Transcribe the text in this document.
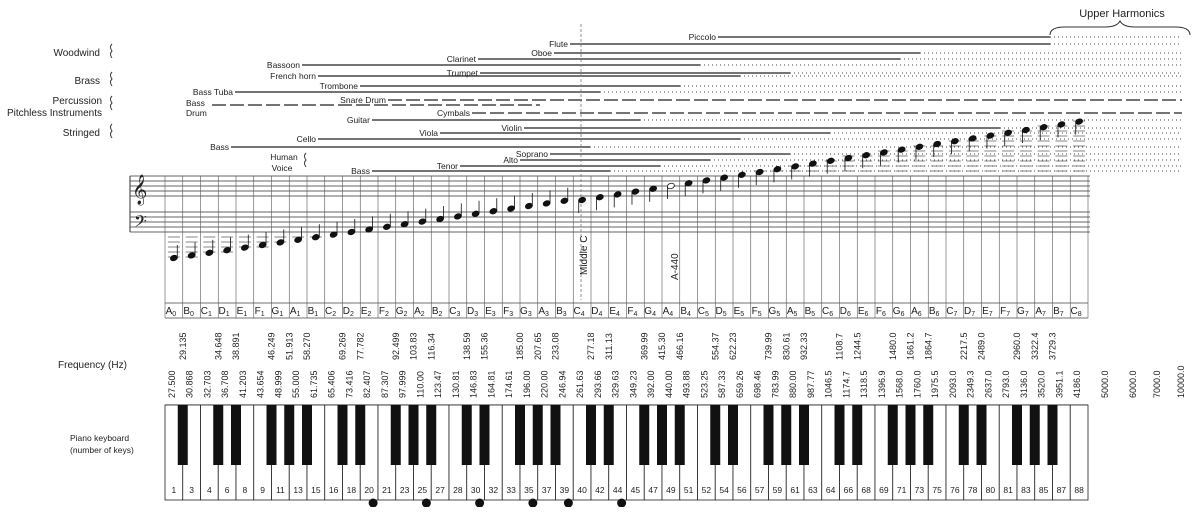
Woodwind
Brass
Percussion
Pitchless Instruments
Stringed
Upper Harmonics
Piccolo
Flute
Oboe
Clarinet
Bassoon
Trumpet
French horn
Trombone
Bass Tuba
Bass
Drum
Snare Drum
Cymbals
Guitar
Violin
Viola
Cello
Bass
Soprano
Alto
Tenor
Bass
Human
Voice
𝄞
𝄢
Middle C	A-440
$A_0$ $B_0$ $C_1$ $D_1$ $E_1$ $F_1$ $G_1$ $A_1$ $B_1$ $C_2$ $D_2$ $E_2$ $F_2$ $G_2$ $A_2$ $B_2$ $C_3$ $D_3$ $E_3$ $F_3$ $G_3$ $A_3$ $B_3$ $C_4$ $D_4$ $E_4$ $F_4$ $G_4$ $A_4$ $B_4$ $C_5$ $D_5$ $E_5$ $F_5$ $G_5$ $A_5$ $B_5$ $C_6$ $D_6$ $E_6$ $F_6$ $G_6$ $A_6$ $B_6$ $C_7$ $D_7$ $E_7$ $F_7$ $G_7$ $A_7$ $B_7$ $C_8$
27.500 30.868 32.703 36.708 41.203 43.654 48.999 55.000 61.735 65.406 73.416 82.407 87.307 97.999 110.00 123.47 130.81 146.83 164.81 174.61 196.00 220.00 246.94 261.63 293.66 329.63 349.23 392.00 440.00 493.88 523.25 587.33 659.26 698.46 783.99 880.00 987.77 1046.5 1174.7 1318.5 1396.9 1568.0 1760.0 1975.5 2093.0 2349.3 2637.0 2793.0 3136.0 3520.0 3951.1 4186.0
29.135	34.648 38.891	46.249 51.913 58.270	69.269 77.782	92.499 103.83 116.34	138.59 155.36	185.00 207.65 233.08	277.18 311.13	369.99 415.30 466.16	554.37 622.23	739.99 830.61 932.33	1108.7 1244.5	1480.0 1661.2 1864.7	2217.5 2489.0	2960.0 3322.4 3729.3
5000.0 6000.0 7000.0 10000.0
Frequency (Hz)
Piano keyboard
(number of keys)
1 3 4 6 8 9 11 13 15 16 18 20 21 23 25 27 28 30 32 33 35 37 39 40 42 44 45 47 49 51 52 54 56 57 59 61 63 64 66 68 69 71 73 75 76 78 80 81 83 85 87 88
